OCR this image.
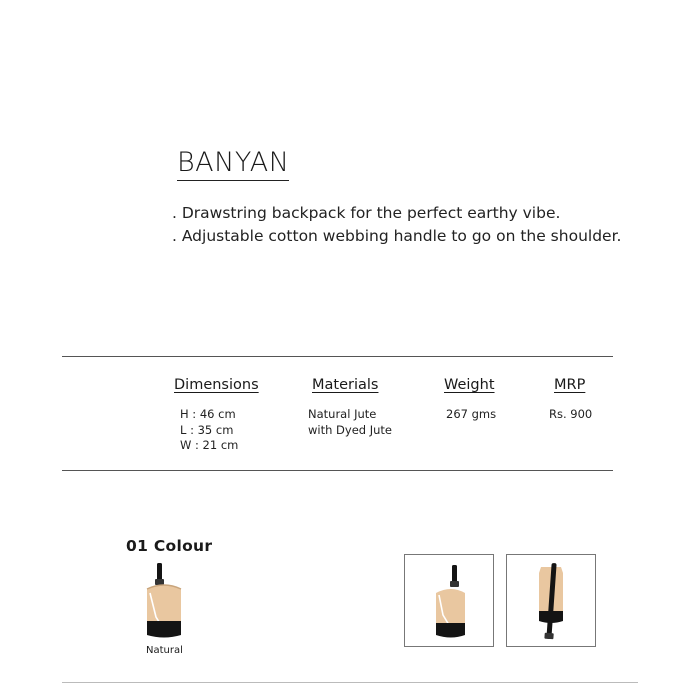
BANYAN
. Drawstring backpack for the perfect earthy vibe.
. Adjustable cotton webbing handle to go on the shoulder.
Dimensions
H : 46 cm
L : 35 cm
W : 21 cm
Materials
Natural Jute
with Dyed Jute
Weight
267 gms
MRP
Rs. 900
01 Colour
Natural
